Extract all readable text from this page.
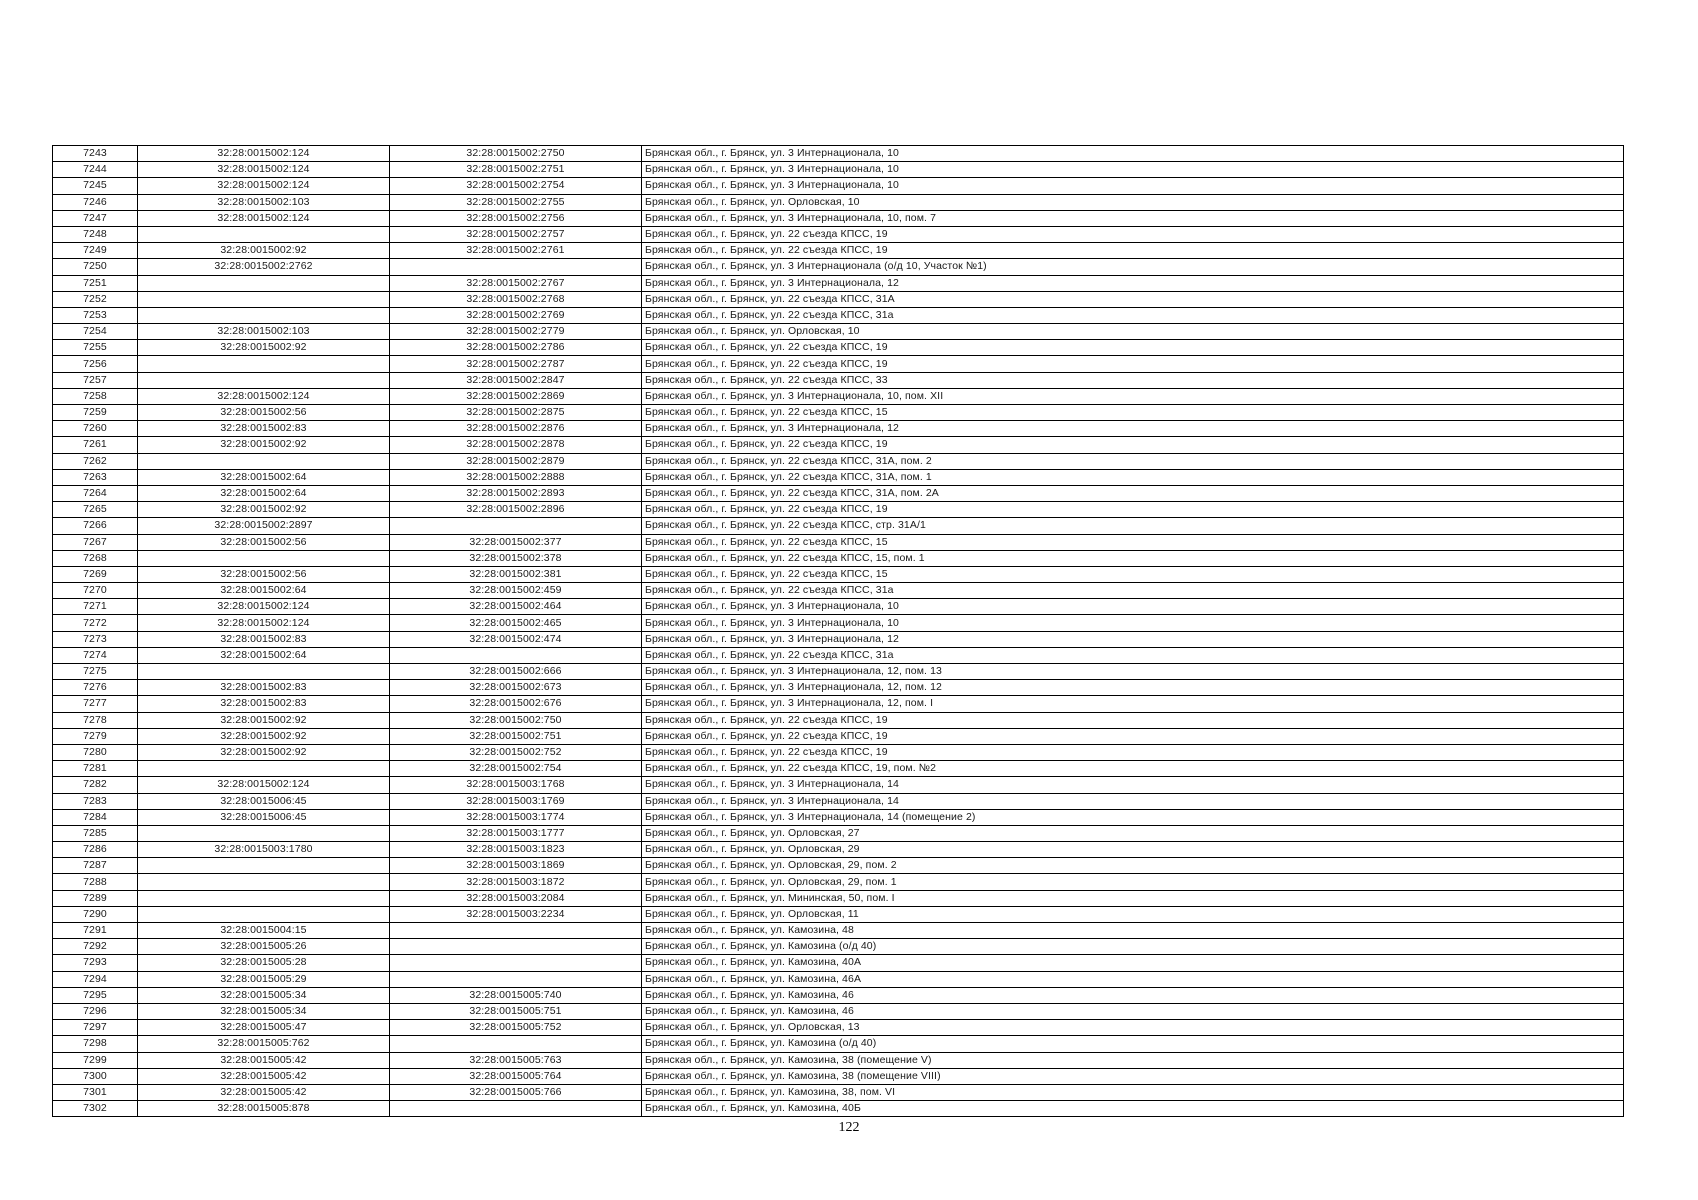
7243	32:28:0015002:124	32:28:0015002:2750	Брянская обл., г. Брянск, ул. 3 Интернационала, 10
7244	32:28:0015002:124	32:28:0015002:2751	Брянская обл., г. Брянск, ул. 3 Интернационала, 10
7245	32:28:0015002:124	32:28:0015002:2754	Брянская обл., г. Брянск, ул. 3 Интернационала, 10
7246	32:28:0015002:103	32:28:0015002:2755	Брянская обл., г. Брянск, ул. Орловская, 10
7247	32:28:0015002:124	32:28:0015002:2756	Брянская обл., г. Брянск, ул. 3 Интернационала, 10, пом. 7
7248		32:28:0015002:2757	Брянская обл., г. Брянск, ул. 22 съезда КПСС, 19
7249	32:28:0015002:92	32:28:0015002:2761	Брянская обл., г. Брянск, ул. 22 съезда КПСС, 19
7250	32:28:0015002:2762		Брянская обл., г. Брянск, ул. 3 Интернационала (о/д 10, Участок №1)
7251		32:28:0015002:2767	Брянская обл., г. Брянск, ул. 3 Интернационала, 12
7252		32:28:0015002:2768	Брянская обл., г. Брянск, ул. 22 съезда КПСС, 31А
7253		32:28:0015002:2769	Брянская обл., г. Брянск, ул. 22 съезда КПСС, 31а
7254	32:28:0015002:103	32:28:0015002:2779	Брянская обл., г. Брянск, ул. Орловская, 10
7255	32:28:0015002:92	32:28:0015002:2786	Брянская обл., г. Брянск, ул. 22 съезда КПСС, 19
7256		32:28:0015002:2787	Брянская обл., г. Брянск, ул. 22 съезда КПСС, 19
7257		32:28:0015002:2847	Брянская обл., г. Брянск, ул. 22 съезда КПСС, 33
7258	32:28:0015002:124	32:28:0015002:2869	Брянская обл., г. Брянск, ул. 3 Интернационала, 10, пом. XII
7259	32:28:0015002:56	32:28:0015002:2875	Брянская обл., г. Брянск, ул. 22 съезда КПСС, 15
7260	32:28:0015002:83	32:28:0015002:2876	Брянская обл., г. Брянск, ул. 3 Интернационала, 12
7261	32:28:0015002:92	32:28:0015002:2878	Брянская обл., г. Брянск, ул. 22 съезда КПСС, 19
7262		32:28:0015002:2879	Брянская обл., г. Брянск, ул. 22 съезда КПСС, 31А, пом. 2
7263	32:28:0015002:64	32:28:0015002:2888	Брянская обл., г. Брянск, ул. 22 съезда КПСС, 31А, пом. 1
7264	32:28:0015002:64	32:28:0015002:2893	Брянская обл., г. Брянск, ул. 22 съезда КПСС, 31А, пом. 2А
7265	32:28:0015002:92	32:28:0015002:2896	Брянская обл., г. Брянск, ул. 22 съезда КПСС, 19
7266	32:28:0015002:2897		Брянская обл., г. Брянск, ул. 22 съезда КПСС, стр. 31А/1
7267	32:28:0015002:56	32:28:0015002:377	Брянская обл., г. Брянск, ул. 22 съезда КПСС, 15
7268		32:28:0015002:378	Брянская обл., г. Брянск, ул. 22 съезда КПСС, 15, пом. 1
7269	32:28:0015002:56	32:28:0015002:381	Брянская обл., г. Брянск, ул. 22 съезда КПСС, 15
7270	32:28:0015002:64	32:28:0015002:459	Брянская обл., г. Брянск, ул. 22 съезда КПСС, 31а
7271	32:28:0015002:124	32:28:0015002:464	Брянская обл., г. Брянск, ул. 3 Интернационала, 10
7272	32:28:0015002:124	32:28:0015002:465	Брянская обл., г. Брянск, ул. 3 Интернационала, 10
7273	32:28:0015002:83	32:28:0015002:474	Брянская обл., г. Брянск, ул. 3 Интернационала, 12
7274	32:28:0015002:64		Брянская обл., г. Брянск, ул. 22 съезда КПСС, 31а
7275		32:28:0015002:666	Брянская обл., г. Брянск, ул. 3 Интернационала, 12, пом. 13
7276	32:28:0015002:83	32:28:0015002:673	Брянская обл., г. Брянск, ул. 3 Интернационала, 12, пом. 12
7277	32:28:0015002:83	32:28:0015002:676	Брянская обл., г. Брянск, ул. 3 Интернационала, 12, пом. I
7278	32:28:0015002:92	32:28:0015002:750	Брянская обл., г. Брянск, ул. 22 съезда КПСС, 19
7279	32:28:0015002:92	32:28:0015002:751	Брянская обл., г. Брянск, ул. 22 съезда КПСС, 19
7280	32:28:0015002:92	32:28:0015002:752	Брянская обл., г. Брянск, ул. 22 съезда КПСС, 19
7281		32:28:0015002:754	Брянская обл., г. Брянск, ул. 22 съезда КПСС, 19, пом. №2
7282	32:28:0015002:124	32:28:0015003:1768	Брянская обл., г. Брянск, ул. 3 Интернационала, 14
7283	32:28:0015006:45	32:28:0015003:1769	Брянская обл., г. Брянск, ул. 3 Интернационала, 14
7284	32:28:0015006:45	32:28:0015003:1774	Брянская обл., г. Брянск, ул. 3 Интернационала, 14 (помещение 2)
7285		32:28:0015003:1777	Брянская обл., г. Брянск, ул. Орловская, 27
7286	32:28:0015003:1780	32:28:0015003:1823	Брянская обл., г. Брянск, ул. Орловская, 29
7287		32:28:0015003:1869	Брянская обл., г. Брянск, ул. Орловская, 29, пом. 2
7288		32:28:0015003:1872	Брянская обл., г. Брянск, ул. Орловская, 29, пом. 1
7289		32:28:0015003:2084	Брянская обл., г. Брянск, ул. Мининская, 50, пом. I
7290		32:28:0015003:2234	Брянская обл., г. Брянск, ул. Орловская, 11
7291	32:28:0015004:15		Брянская обл., г. Брянск, ул. Камозина, 48
7292	32:28:0015005:26		Брянская обл., г. Брянск, ул. Камозина (о/д 40)
7293	32:28:0015005:28		Брянская обл., г. Брянск, ул. Камозина, 40А
7294	32:28:0015005:29		Брянская обл., г. Брянск, ул. Камозина, 46А
7295	32:28:0015005:34	32:28:0015005:740	Брянская обл., г. Брянск, ул. Камозина, 46
7296	32:28:0015005:34	32:28:0015005:751	Брянская обл., г. Брянск, ул. Камозина, 46
7297	32:28:0015005:47	32:28:0015005:752	Брянская обл., г. Брянск, ул. Орловская, 13
7298	32:28:0015005:762		Брянская обл., г. Брянск, ул. Камозина (о/д 40)
7299	32:28:0015005:42	32:28:0015005:763	Брянская обл., г. Брянск, ул. Камозина, 38 (помещение V)
7300	32:28:0015005:42	32:28:0015005:764	Брянская обл., г. Брянск, ул. Камозина, 38 (помещение VIII)
7301	32:28:0015005:42	32:28:0015005:766	Брянская обл., г. Брянск, ул. Камозина, 38, пом. VI
7302	32:28:0015005:878		Брянская обл., г. Брянск, ул. Камозина, 40Б
122
